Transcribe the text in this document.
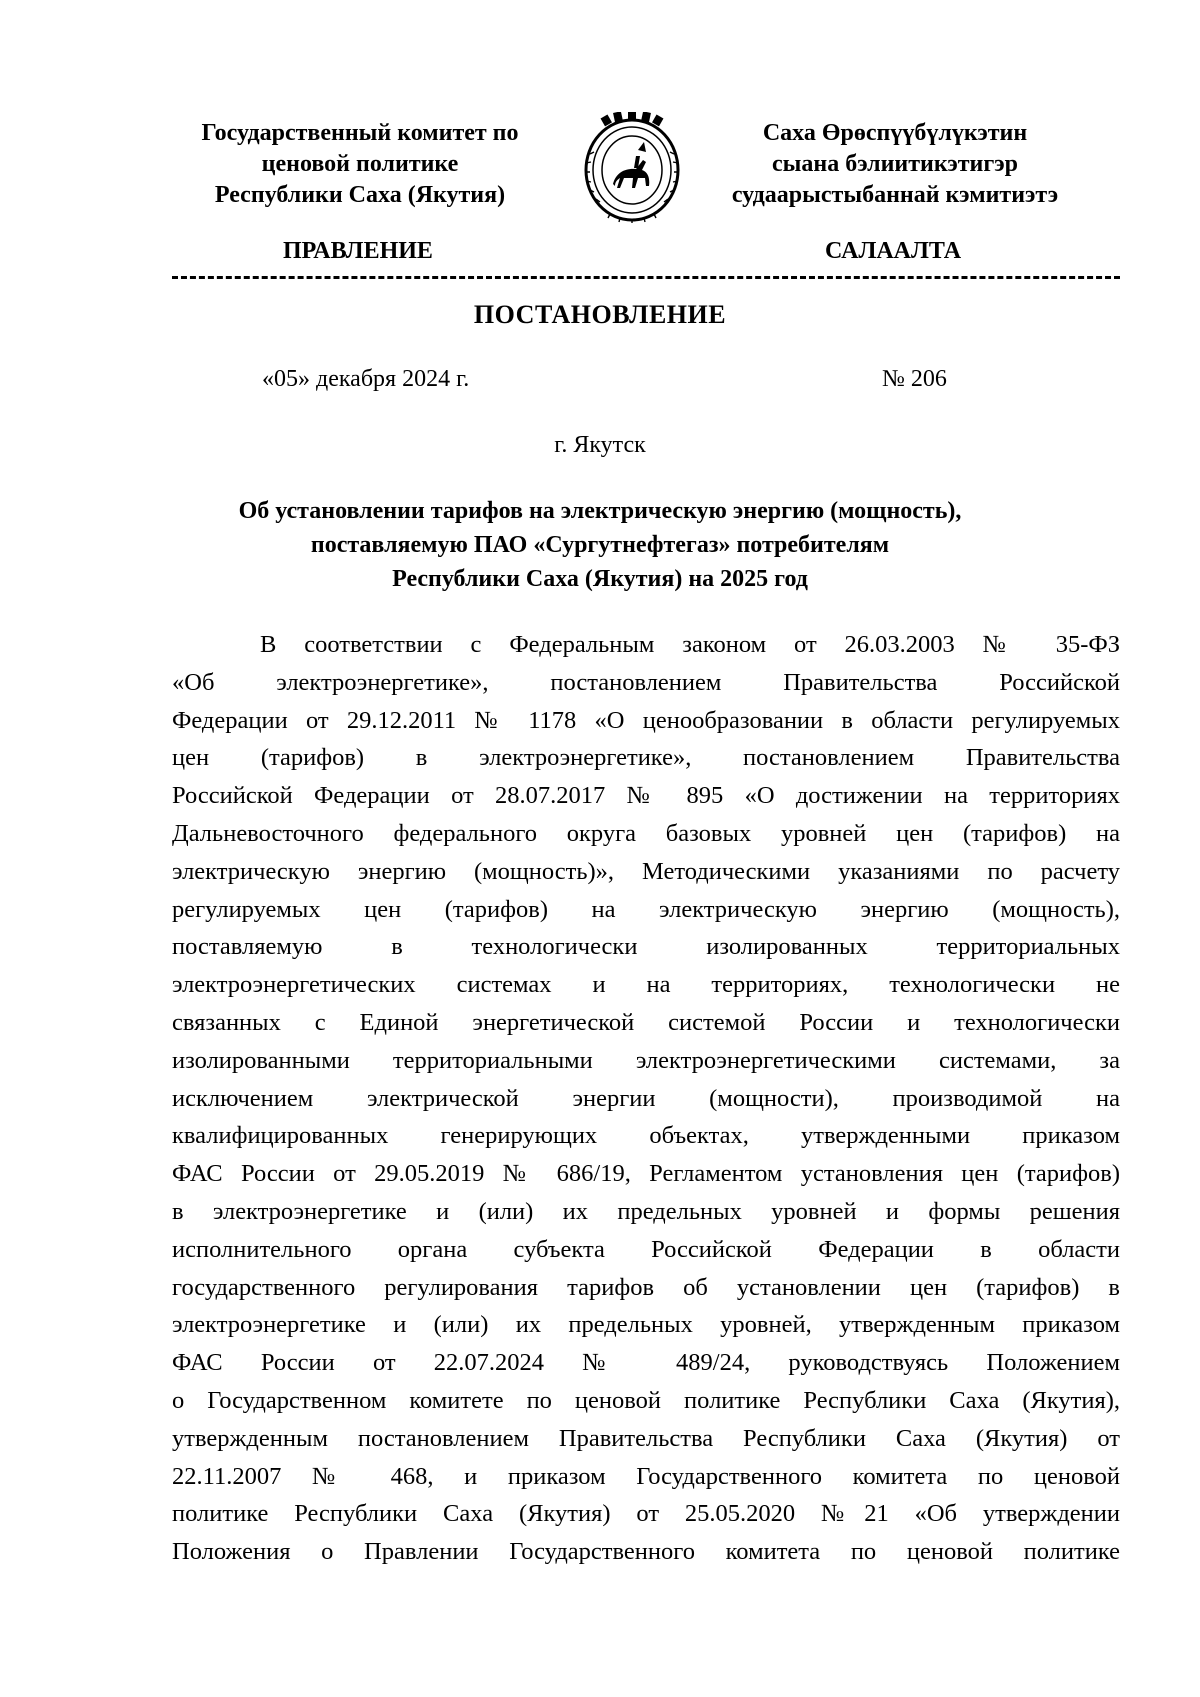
Государственный комитет по
ценовой политике
Республики Саха (Якутия)
Саха Өрөспүүбүлүкэтин
сыана бэлиитикэтигэр
судаарыстыбаннай кэмитиэтэ
ПРАВЛЕНИЕ	САЛААЛТА
ПОСТАНОВЛЕНИЕ
«05» декабря 2024 г.	№ 206
г. Якутск
Об установлении тарифов на электрическую энергию (мощность),
поставляемую ПАО «Сургутнефтегаз» потребителям
Республики Саха (Якутия) на 2025 год
В соответствии с Федеральным законом от 26.03.2003 № 35-ФЗ
«Об электроэнергетике», постановлением Правительства Российской
Федерации от 29.12.2011 № 1178 «О ценообразовании в области регулируемых
цен (тарифов) в электроэнергетике», постановлением Правительства
Российской Федерации от 28.07.2017 № 895 «О достижении на территориях
Дальневосточного федерального округа базовых уровней цен (тарифов) на
электрическую энергию (мощность)», Методическими указаниями по расчету
регулируемых цен (тарифов) на электрическую энергию (мощность),
поставляемую в технологически изолированных территориальных
электроэнергетических системах и на территориях, технологически не
связанных с Единой энергетической системой России и технологически
изолированными территориальными электроэнергетическими системами, за
исключением электрической энергии (мощности), производимой на
квалифицированных генерирующих объектах, утвержденными приказом
ФАС России от 29.05.2019 № 686/19, Регламентом установления цен (тарифов)
в электроэнергетике и (или) их предельных уровней и формы решения
исполнительного органа субъекта Российской Федерации в области
государственного регулирования тарифов об установлении цен (тарифов) в
электроэнергетике и (или) их предельных уровней, утвержденным приказом
ФАС России от 22.07.2024 № 489/24, руководствуясь Положением
о Государственном комитете по ценовой политике Республики Саха (Якутия),
утвержденным постановлением Правительства Республики Саха (Якутия) от
22.11.2007 № 468, и приказом Государственного комитета по ценовой
политике Республики Саха (Якутия) от 25.05.2020 №21 «Об утверждении
Положения о Правлении Государственного комитета по ценовой политике
